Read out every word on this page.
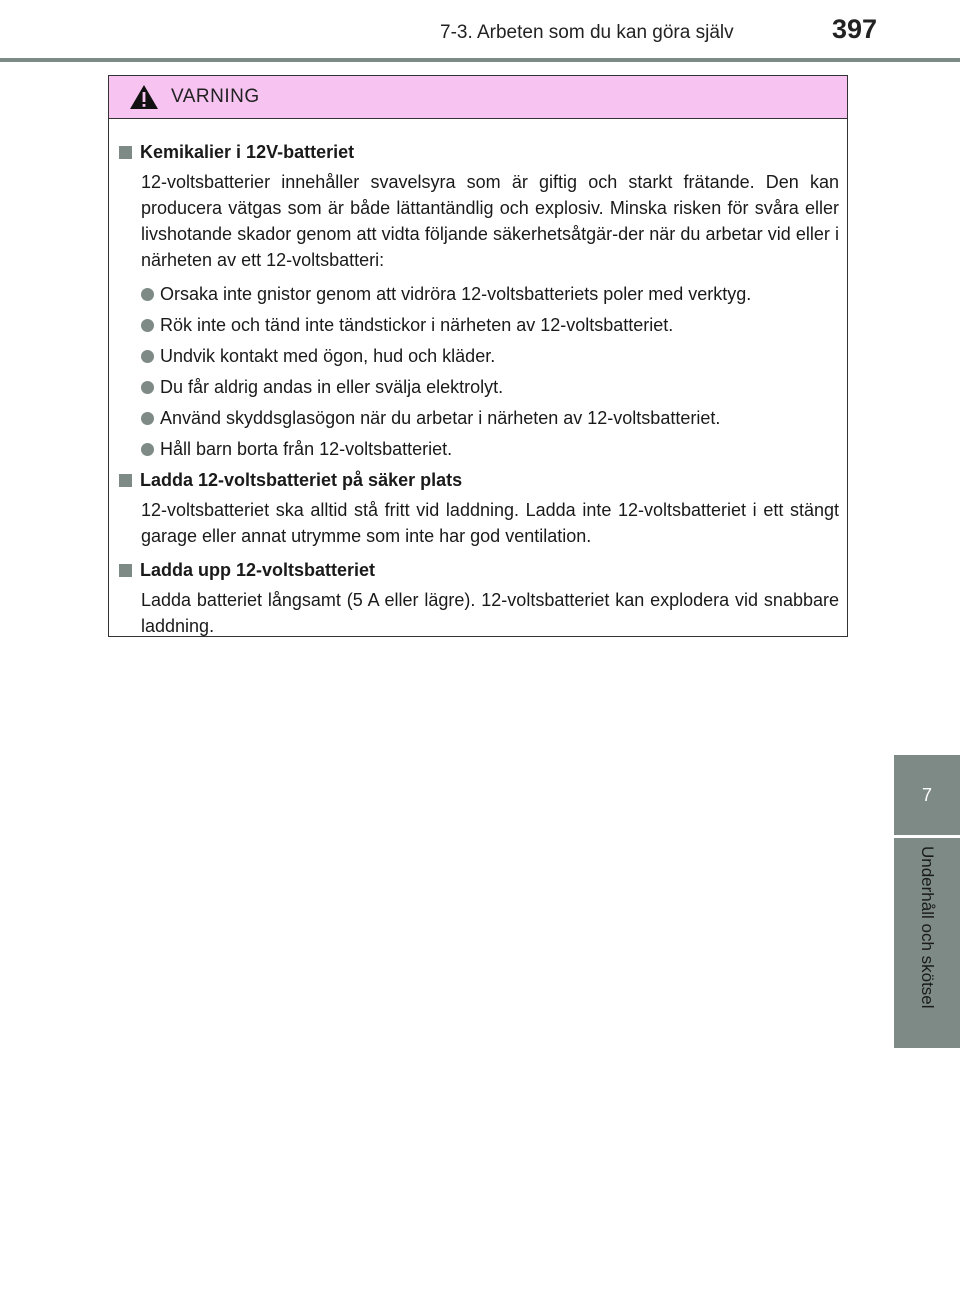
7-3. Arbeten som du kan göra själv	397
7
Underhåll och skötsel
VARNING
Kemikalier i 12V-batteriet
12-voltsbatterier innehåller svavelsyra som är giftig och starkt frätande. Den kan producera vätgas som är både lättantändlig och explosiv. Minska risken för svåra eller livshotande skador genom att vidta följande säkerhetsåtgär-der när du arbetar vid eller i närheten av ett 12-voltsbatteri:
Orsaka inte gnistor genom att vidröra 12-voltsbatteriets poler med verktyg.
Rök inte och tänd inte tändstickor i närheten av 12-voltsbatteriet.
Undvik kontakt med ögon, hud och kläder.
Du får aldrig andas in eller svälja elektrolyt.
Använd skyddsglasögon när du arbetar i närheten av 12-voltsbatteriet.
Håll barn borta från 12-voltsbatteriet.
Ladda 12-voltsbatteriet på säker plats
12-voltsbatteriet ska alltid stå fritt vid laddning. Ladda inte 12-voltsbatteriet i ett stängt garage eller annat utrymme som inte har god ventilation.
Ladda upp 12-voltsbatteriet
Ladda batteriet långsamt (5 A eller lägre). 12-voltsbatteriet kan explodera vid snabbare laddning.
